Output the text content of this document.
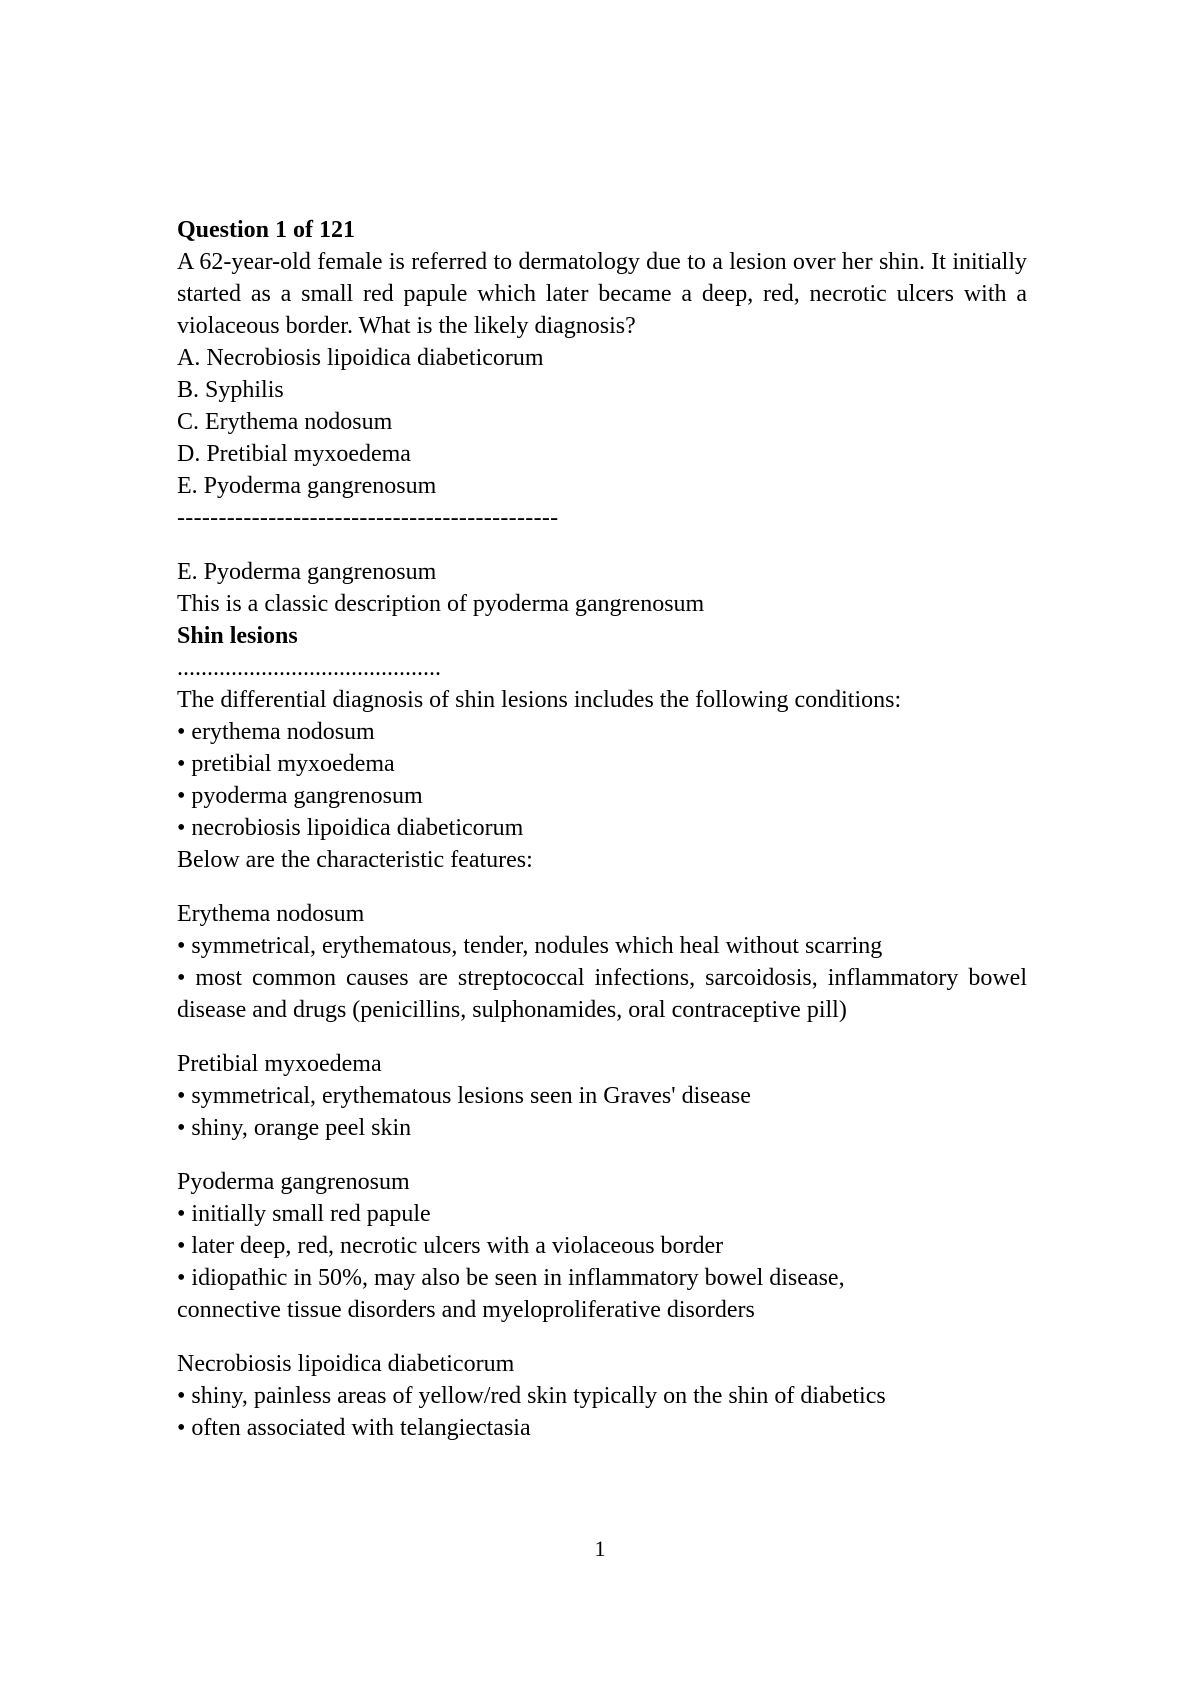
Question 1 of 121
A 62-year-old female is referred to dermatology due to a lesion over her shin. It initially started as a small red papule which later became a deep, red, necrotic ulcers with a violaceous border. What is the likely diagnosis?
A. Necrobiosis lipoidica diabeticorum
B. Syphilis
C. Erythema nodosum
D. Pretibial myxoedema
E. Pyoderma gangrenosum
----------------------------------------------
E. Pyoderma gangrenosum
This is a classic description of pyoderma gangrenosum
Shin lesions
............................................
The differential diagnosis of shin lesions includes the following conditions:
• erythema nodosum
• pretibial myxoedema
• pyoderma gangrenosum
• necrobiosis lipoidica diabeticorum
Below are the characteristic features:
Erythema nodosum
• symmetrical, erythematous, tender, nodules which heal without scarring
• most common causes are streptococcal infections, sarcoidosis, inflammatory bowel disease and drugs (penicillins, sulphonamides, oral contraceptive pill)
Pretibial myxoedema
• symmetrical, erythematous lesions seen in Graves' disease
• shiny, orange peel skin
Pyoderma gangrenosum
• initially small red papule
• later deep, red, necrotic ulcers with a violaceous border
• idiopathic in 50%, may also be seen in inflammatory bowel disease,
connective tissue disorders and myeloproliferative disorders
Necrobiosis lipoidica diabeticorum
• shiny, painless areas of yellow/red skin typically on the shin of diabetics
• often associated with telangiectasia
1
